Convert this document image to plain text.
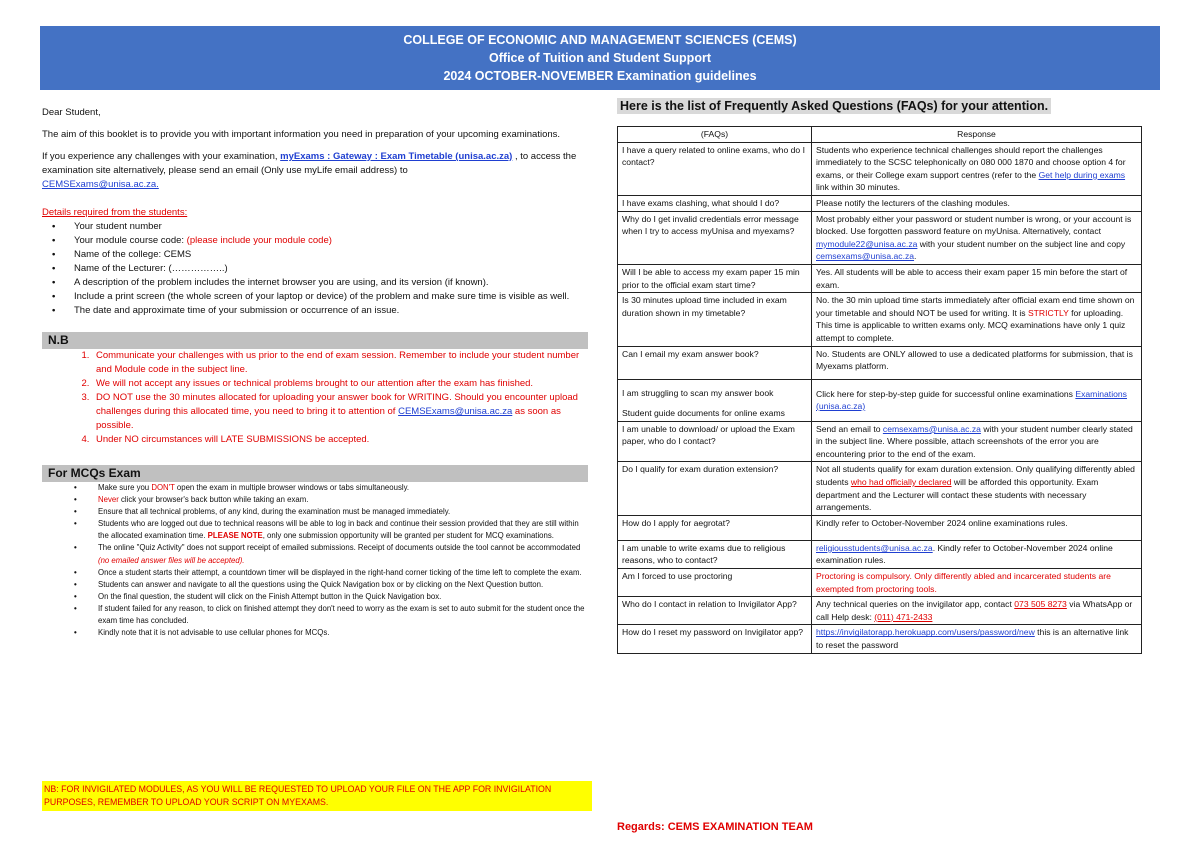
COLLEGE OF ECONOMIC AND MANAGEMENT SCIENCES (CEMS)
Office of Tuition and Student Support
2024 OCTOBER-NOVEMBER Examination guidelines

Dear Student,

The aim of this booklet is to provide you with important information you need in preparation of your upcoming examinations.

If you experience any challenges with your examination, myExams : Gateway : Exam Timetable (unisa.ac.za) , to access the examination site alternatively, please send an email (Only use myLife email address) to
CEMSExams@unisa.ac.za.

Details required from the students:
• Your student number
• Your module course code: (please include your module code)
• Name of the college: CEMS
• Name of the Lecturer: (……………..)
• A description of the problem includes the internet browser you are using, and its version (if known).
• Include a print screen (the whole screen of your laptop or device) of the problem and make sure time is visible as well.
• The date and approximate time of your submission or occurrence of an issue.
N.B
1. Communicate your challenges with us prior to the end of exam session. Remember to include your student number and Module code in the subject line.
2. We will not accept any issues or technical problems brought to our attention after the exam has finished.
3. DO NOT use the 30 minutes allocated for uploading your answer book for WRITING. Should you encounter upload challenges during this allocated time, you need to bring it to attention of CEMSExams@unisa.ac.za as soon as possible.
4. Under NO circumstances will LATE SUBMISSIONS be accepted.
For MCQs Exam
• Make sure you DON'T open the exam in multiple browser windows or tabs simultaneously.
• Never click your browser's back button while taking an exam.
• Ensure that all technical problems, of any kind, during the examination must be managed immediately.
• Students who are logged out due to technical reasons will be able to log in back and continue their session provided that they are still within the allocated examination time. PLEASE NOTE, only one submission opportunity will be granted per student for MCQ examinations.
• The online "Quiz Activity" does not support receipt of emailed submissions. Receipt of documents outside the tool cannot be accommodated (no emailed answer files will be accepted).
• Once a student starts their attempt, a countdown timer will be displayed in the right-hand corner ticking of the time left to complete the exam.
• Students can answer and navigate to all the questions using the Quick Navigation box or by clicking on the Next Question button.
• On the final question, the student will click on the Finish Attempt button in the Quick Navigation box.
• If student failed for any reason, to click on finished attempt they don't need to worry as the exam is set to auto submit for the student once the exam time has concluded.
• Kindly note that it is not advisable to use cellular phones for MCQs.
NB: FOR INVIGILATED MODULES, AS YOU WILL BE REQUESTED TO UPLOAD YOUR FILE ON THE APP FOR INVIGILATION PURPOSES, REMEMBER TO UPLOAD YOUR SCRIPT ON MYEXAMS.
Here is the list of Frequently Asked Questions (FAQs) for your attention.
(FAQs)	Response
I have a query related to online exams, who do I contact?	Students who experience technical challenges should report the challenges immediately to the SCSC telephonically on 080 000 1870 and choose option 4 for exams, or their College exam support centres (refer to the Get help during exams link within 30 minutes.
I have exams clashing, what should I do?	Please notify the lecturers of the clashing modules.
Why do I get invalid credentials error message when I try to access myUnisa and myexams?	Most probably either your password or student number is wrong, or your account is blocked. Use forgotten password feature on myUnisa. Alternatively, contact mymodule22@unisa.ac.za with your student number on the subject line and copy cemsexams@unisa.ac.za.
Will I be able to access my exam paper 15 min prior to the official exam start time?	Yes. All students will be able to access their exam paper 15 min before the start of exam.
Is 30 minutes upload time included in exam duration shown in my timetable?	No. the 30 min upload time starts immediately after official exam end time shown on your timetable and should NOT be used for writing. It is STRICTLY for uploading. This time is applicable to written exams only. MCQ examinations have only 1 quiz attempt to complete.
Can I email my exam answer book?	No. Students are ONLY allowed to use a dedicated platforms for submission, that is Myexams platform.

I am struggling to scan my answer book
Student guide documents for online exams	Click here for step-by-step guide for successful online examinations Examinations (unisa.ac.za)
I am unable to download/ or upload the Exam paper, who do I contact?	Send an email to cemsexams@unisa.ac.za with your student number clearly stated in the subject line. Where possible, attach screenshots of the error you are encountering prior to the end of the exam.
Do I qualify for exam duration extension?	Not all students qualify for exam duration extension. Only qualifying differently abled students who had officially declared will be afforded this opportunity. Exam department and the Lecturer will contact these students with necessary arrangements.
How do I apply for aegrotat?	Kindly refer to October-November 2024 online examinations rules.
I am unable to write exams due to religious reasons, who to contact?	religiousstudents@unisa.ac.za. Kindly refer to October-November 2024 online examination rules.
Am I forced to use proctoring	Proctoring is compulsory. Only differently abled and incarcerated students are exempted from proctoring tools.
Who do I contact in relation to Invigilator App?	Any technical queries on the invigilator app, contact 073 505 8273 via WhatsApp or call Help desk: (011) 471-2433
How do I reset my password on Invigilator app?	https://invigilatorapp.herokuapp.com/users/password/new this is an alternative link to reset the password
Regards: CEMS EXAMINATION TEAM
